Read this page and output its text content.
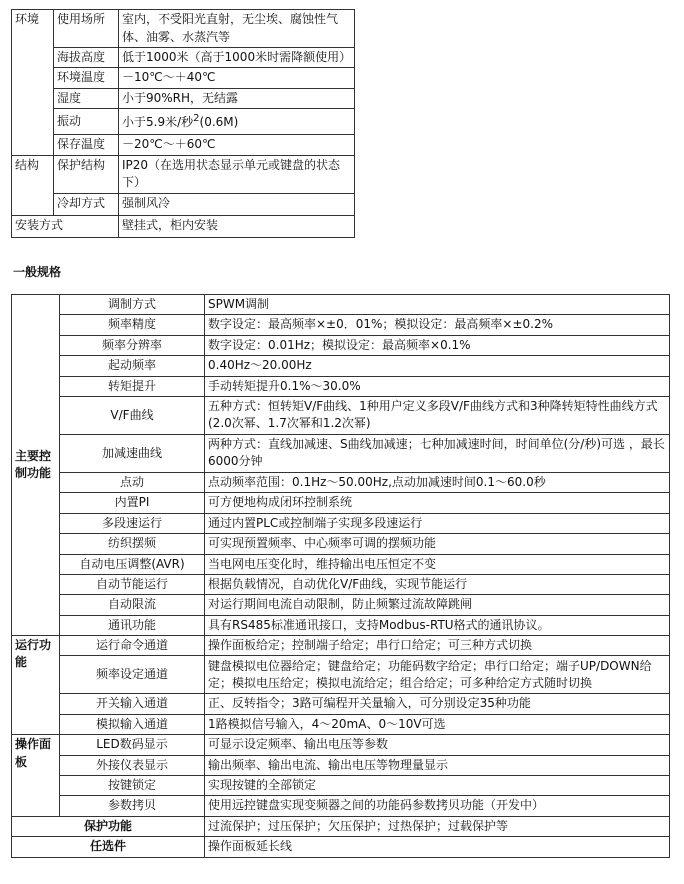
环境	使用场所	室内，不受阳光直射，无尘埃、腐蚀性气体、油雾、水蒸汽等
	海拔高度	低于1000米（高于1000米时需降额使用）
	环境温度	－10℃～＋40℃
	湿度	小于90%RH，无结露
	振动	小于5.9米/秒$^2$(0.6M)
	保存温度	－20℃～＋60℃
结构	保护结构	IP20（在选用状态显示单元或键盘的状态下）
	冷却方式	强制风冷
安装方式		壁挂式，柜内安装
一般规格
主要控制功能	调制方式	SPWM调制
	频率精度	数字设定：最高频率×±0．01%；模拟设定：最高频率×±0.2%
	频率分辨率	数字设定：0.01Hz；模拟设定：最高频率×0.1%
	起动频率	0.40Hz～20.00Hz
	转矩提升	手动转矩提升0.1%～30.0%
	V/F曲线	五种方式：恒转矩V/F曲线、1种用户定义多段V/F曲线方式和3种降转矩特性曲线方式(2.0次幂、1.7次幂和1.2次幂)
	加减速曲线	两种方式：直线加减速、S曲线加减速；七种加减速时间，时间单位(分/秒)可选 ，最长6000分钟
	点动	点动频率范围：0.1Hz～50.00Hz,点动加减速时间0.1～60.0秒
	内置PI	可方便地构成闭环控制系统
	多段速运行	通过内置PLC或控制端子实现多段速运行
	纺织摆频	可实现预置频率、中心频率可调的摆频功能
	自动电压调整(AVR)	当电网电压变化时，维持输出电压恒定不变
	自动节能运行	根据负载情况，自动优化V/F曲线，实现节能运行
	自动限流	对运行期间电流自动限制，防止频繁过流故障跳闸
	通讯功能	具有RS485标准通讯接口，支持Modbus-RTU格式的通讯协议。
运行功能	运行命令通道	操作面板给定；控制端子给定；串行口给定；可三种方式切换
	频率设定通道	键盘模拟电位器给定；键盘给定；功能码数字给定；串行口给定；端子UP/DOWN给定；模拟电压给定；模拟电流给定；组合给定；可多种给定方式随时切换
	开关输入通道	正、反转指令；3路可编程开关量输入，可分别设定35种功能
	模拟输入通道	1路模拟信号输入，4～20mA、0～10V可选
操作面板	LED数码显示	可显示设定频率、输出电压等参数
	外接仪表显示	输出频率、输出电流、输出电压等物理量显示
	按键锁定	实现按键的全部锁定
	参数拷贝	使用远控键盘实现变频器之间的功能码参数拷贝功能（开发中）
保护功能		过流保护；过压保护；欠压保护；过热保护；过载保护等
任选件		操作面板延长线
